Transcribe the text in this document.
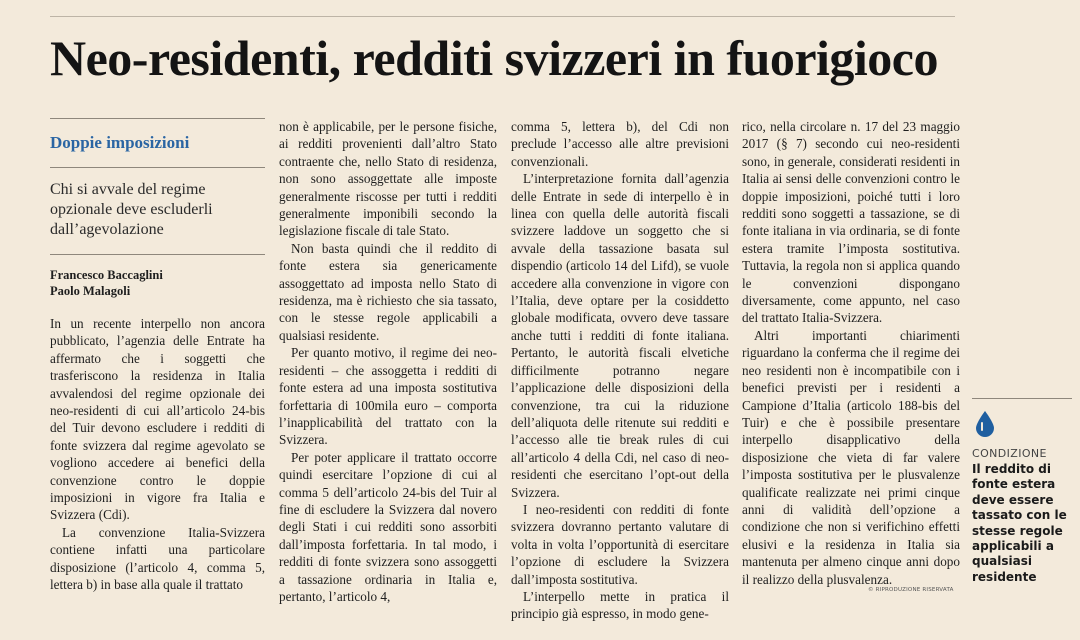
Neo-residenti, redditi svizzeri in fuorigioco
Doppie imposizioni
Chi si avvale del regime opzionale deve escluderli dall’agevolazione
Francesco Baccaglini
Paolo Malagoli

In un recente interpello non ancora pubblicato, l’agenzia delle Entrate ha affermato che i soggetti che trasferiscono la residenza in Italia avvalendosi del regime opzionale dei neo-residenti di cui all’articolo 24-bis del Tuir devono escludere i redditi di fonte svizzera dal regime agevolato se vogliono accedere ai benefici della convenzione contro le doppie imposizioni in vigore fra Italia e Svizzera (Cdi).

La convenzione Italia-Svizzera contiene infatti una particolare disposizione (l’articolo 4, comma 5, lettera b) in base alla quale il trattato

non è applicabile, per le persone fisiche, ai redditi provenienti dall’altro Stato contraente che, nello Stato di residenza, non sono assoggettate alle imposte generalmente riscosse per tutti i redditi generalmente imponibili secondo la legislazione fiscale di tale Stato.

Non basta quindi che il reddito di fonte estera sia genericamente assoggettato ad imposta nello Stato di residenza, ma è richiesto che sia tassato, con le stesse regole applicabili a qualsiasi residente.

Per quanto motivo, il regime dei neo-residenti – che assoggetta i redditi di fonte estera ad una imposta sostitutiva forfettaria di 100mila euro – comporta l’inapplicabilità del trattato con la Svizzera.

Per poter applicare il trattato occorre quindi esercitare l’opzione di cui al comma 5 dell’articolo 24-bis del Tuir al fine di escludere la Svizzera dal novero degli Stati i cui redditi sono assorbiti dall’imposta forfettaria. In tal modo, i redditi di fonte svizzera sono assoggetti a tassazione ordinaria in Italia e, pertanto, l’articolo 4,

comma 5, lettera b), del Cdi non preclude l’accesso alle altre previsioni convenzionali.

L’interpretazione fornita dall’agenzia delle Entrate in sede di interpello è in linea con quella delle autorità fiscali svizzere laddove un soggetto che si avvale della tassazione basata sul dispendio (articolo 14 del Lifd), se vuole accedere alla convenzione in vigore con l’Italia, deve optare per la cosiddetto globale modificata, ovvero deve tassare anche tutti i redditi di fonte italiana. Pertanto, le autorità fiscali elvetiche difficilmente potranno negare l’applicazione delle disposizioni della convenzione, tra cui la riduzione dell’aliquota delle ritenute sui redditi e l’accesso alle tie break rules di cui all’articolo 4 della Cdi, nel caso di neo-residenti che esercitano l’opt-out della Svizzera.

I neo-residenti con redditi di fonte svizzera dovranno pertanto valutare di volta in volta l’opportunità di esercitare l’opzione di escludere la Svizzera dall’imposta sostitutiva.

L’interpello mette in pratica il principio già espresso, in modo gene-

rico, nella circolare n. 17 del 23 maggio 2017 (§ 7) secondo cui neo-residenti sono, in generale, considerati residenti in Italia ai sensi delle convenzioni contro le doppie imposizioni, poiché tutti i loro redditi sono soggetti a tassazione, se di fonte italiana in via ordinaria, se di fonte estera tramite l’imposta sostitutiva. Tuttavia, la regola non si applica quando le convenzioni dispongano diversamente, come appunto, nel caso del trattato Italia-Svizzera.

Altri importanti chiarimenti riguardano la conferma che il regime dei neo residenti non è incompatibile con i benefici previsti per i residenti a Campione d’Italia (articolo 188-bis del Tuir) e che è possibile presentare interpello disapplicativo della disposizione che vieta di far valere l’imposta sostitutiva per le plusvalenze qualificate realizzate nei primi cinque anni di validità dell’opzione a condizione che non si verifichino effetti elusivi e la residenza in Italia sia mantenuta per almeno cinque anni dopo il realizzo della plusvalenza.

© RIPRODUZIONE RISERVATA
CONDIZIONE
Il reddito di fonte estera deve essere tassato con le stesse regole applicabili a qualsiasi residente
